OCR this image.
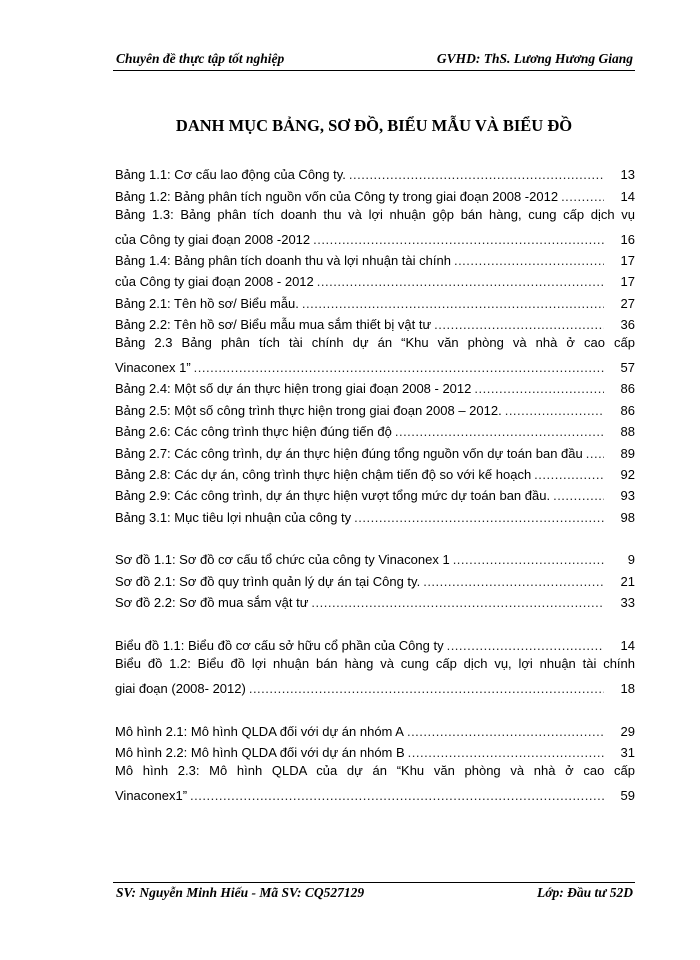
Chuyên đề thực tập tốt nghiệp	GVHD: ThS. Lương Hương Giang
DANH MỤC BẢNG, SƠ ĐỒ, BIỂU MẪU VÀ BIỂU ĐỒ
Bảng 1.1: Cơ cấu lao động của Công ty. .....	13
Bảng 1.2: Bảng phân tích nguồn vốn của Công ty trong giai đoạn 2008 -2012 .....	14
Bảng 1.3: Bảng phân tích doanh thu và lợi nhuận gộp bán hàng, cung cấp dịch vụ
của Công ty giai đoạn 2008 -2012 .....	16
Bảng 1.4: Bảng phân tích doanh thu và lợi nhuận tài chính .....	17
của Công ty giai đoạn 2008 - 2012 .....	17
Bảng 2.1: Tên hồ sơ/ Biểu mẫu. .....	27
Bảng 2.2: Tên hồ sơ/ Biểu mẫu mua sắm thiết bị vật tư .....	36
Bảng 2.3 Bảng phân tích tài chính dự án “Khu văn phòng và nhà ở cao cấp
Vinaconex 1” .....	57
Bảng 2.4: Một số dự án thực hiện trong giai đoạn 2008 - 2012 .....	86
Bảng 2.5: Một số công trình thực hiện trong giai đoạn 2008 – 2012. .....	86
Bảng 2.6: Các công trình thực hiện đúng tiến độ .....	88
Bảng 2.7: Các công trình, dự án thực hiện đúng tổng nguồn vốn dự toán ban đầu .....	89
Bảng 2.8: Các dự án, công trình thực hiện chậm tiến độ so với kế hoạch .....	92
Bảng 2.9: Các công trình, dự án thực hiện vượt tổng mức dự toán ban đầu. .....	93
Bảng 3.1: Mục tiêu lợi nhuận của công ty .....	98
Sơ đồ 1.1: Sơ đồ cơ cấu tổ chức của công ty Vinaconex 1 .....	9
Sơ đồ 2.1: Sơ đồ quy trình quản lý dự án tại Công ty. .....	21
Sơ đồ 2.2: Sơ đồ mua sắm vật tư .....	33
Biểu đồ 1.1: Biểu đồ cơ cấu sở hữu cổ phần của Công ty .....	14
Biểu đồ 1.2: Biểu đồ lợi nhuận bán hàng và cung cấp dịch vụ, lợi nhuận tài chính
giai đoạn (2008- 2012) .....	18
Mô hình 2.1: Mô hình QLDA đối với dự án nhóm A .....	29
Mô hình 2.2: Mô hình QLDA đối với dự án nhóm B .....	31
Mô hình 2.3: Mô hình QLDA của dự án “Khu văn phòng và nhà ở cao cấp
Vinaconex1” .....	59
SV: Nguyễn Minh Hiếu - Mã SV: CQ527129	Lớp: Đầu tư 52D
